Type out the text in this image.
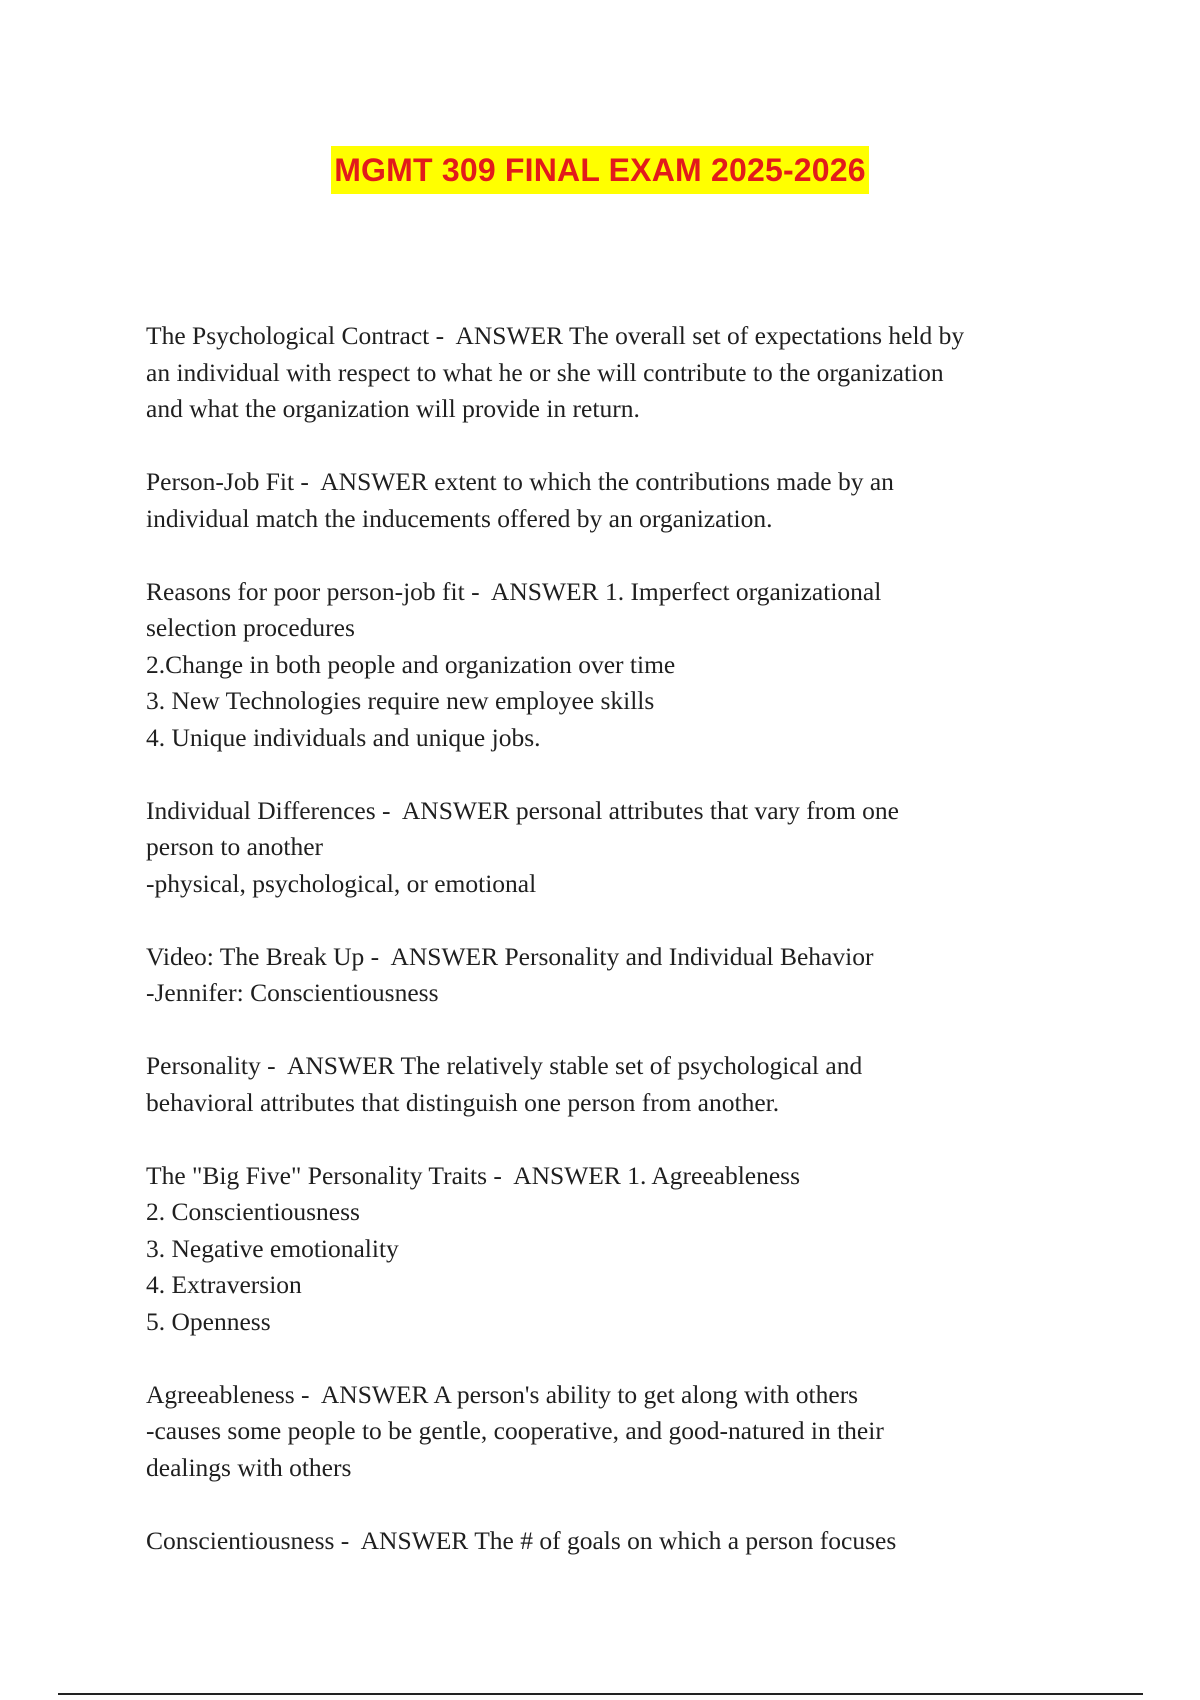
MGMT 309 FINAL EXAM 2025-2026
The Psychological Contract -  ANSWER The overall set of expectations held by
an individual with respect to what he or she will contribute to the organization
and what the organization will provide in return.
Person-Job Fit -  ANSWER extent to which the contributions made by an
individual match the inducements offered by an organization.
Reasons for poor person-job fit -  ANSWER 1. Imperfect organizational
selection procedures
2.Change in both people and organization over time
3. New Technologies require new employee skills
4. Unique individuals and unique jobs.
Individual Differences -  ANSWER personal attributes that vary from one
person to another
-physical, psychological, or emotional
Video: The Break Up -  ANSWER Personality and Individual Behavior
-Jennifer: Conscientiousness
Personality -  ANSWER The relatively stable set of psychological and
behavioral attributes that distinguish one person from another.
The "Big Five" Personality Traits -  ANSWER 1. Agreeableness
2. Conscientiousness
3. Negative emotionality
4. Extraversion
5. Openness
Agreeableness -  ANSWER A person's ability to get along with others
-causes some people to be gentle, cooperative, and good-natured in their
dealings with others
Conscientiousness -  ANSWER The # of goals on which a person focuses
